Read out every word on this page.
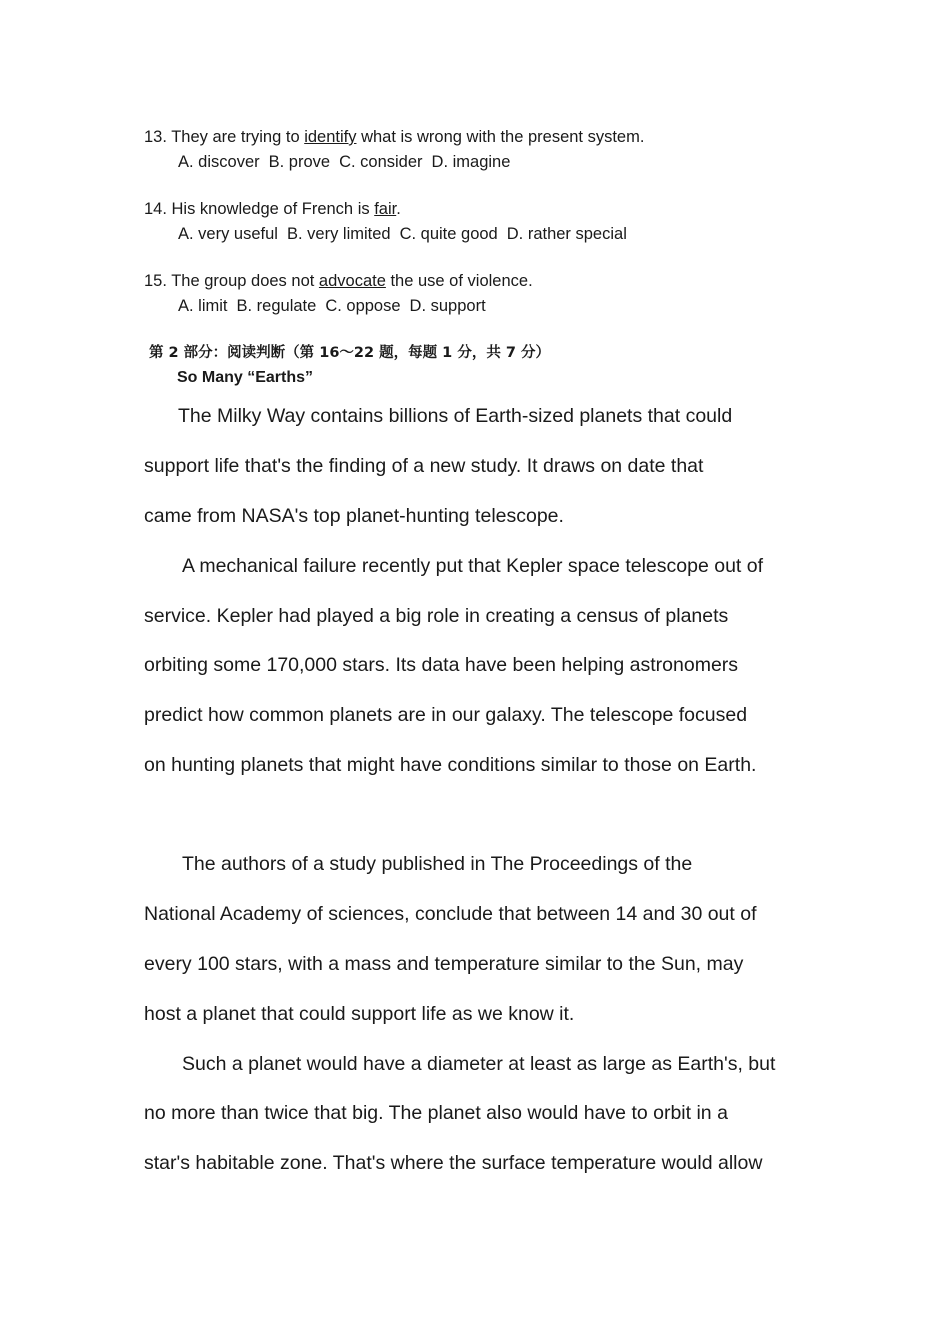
13. They are trying to identify what is wrong with the present system.
A. discover B. prove C. consider D. imagine
14. His knowledge of French is fair.
A. very useful B. very limited C. quite good D. rather special
15. The group does not advocate the use of violence.
A. limit B. regulate C. oppose D. support
第 2 部分：阅读判断（第 16～22 题，每题 1 分，共 7 分）
So Many “Earths”
The Milky Way contains billions of Earth-sized planets that could
support life that's the finding of a new study. It draws on date that
came from NASA's top planet-hunting telescope.
A mechanical failure recently put that Kepler space telescope out of
service. Kepler had played a big role in creating a census of planets
orbiting some 170,000 stars. Its data have been helping astronomers
predict how common planets are in our galaxy. The telescope focused
on hunting planets that might have conditions similar to those on Earth.
The authors of a study published in The Proceedings of the
National Academy of sciences, conclude that between 14 and 30 out of
every 100 stars, with a mass and temperature similar to the Sun, may
host a planet that could support life as we know it.
Such a planet would have a diameter at least as large as Earth's, but
no more than twice that big. The planet also would have to orbit in a
star's habitable zone. That's where the surface temperature would allow
